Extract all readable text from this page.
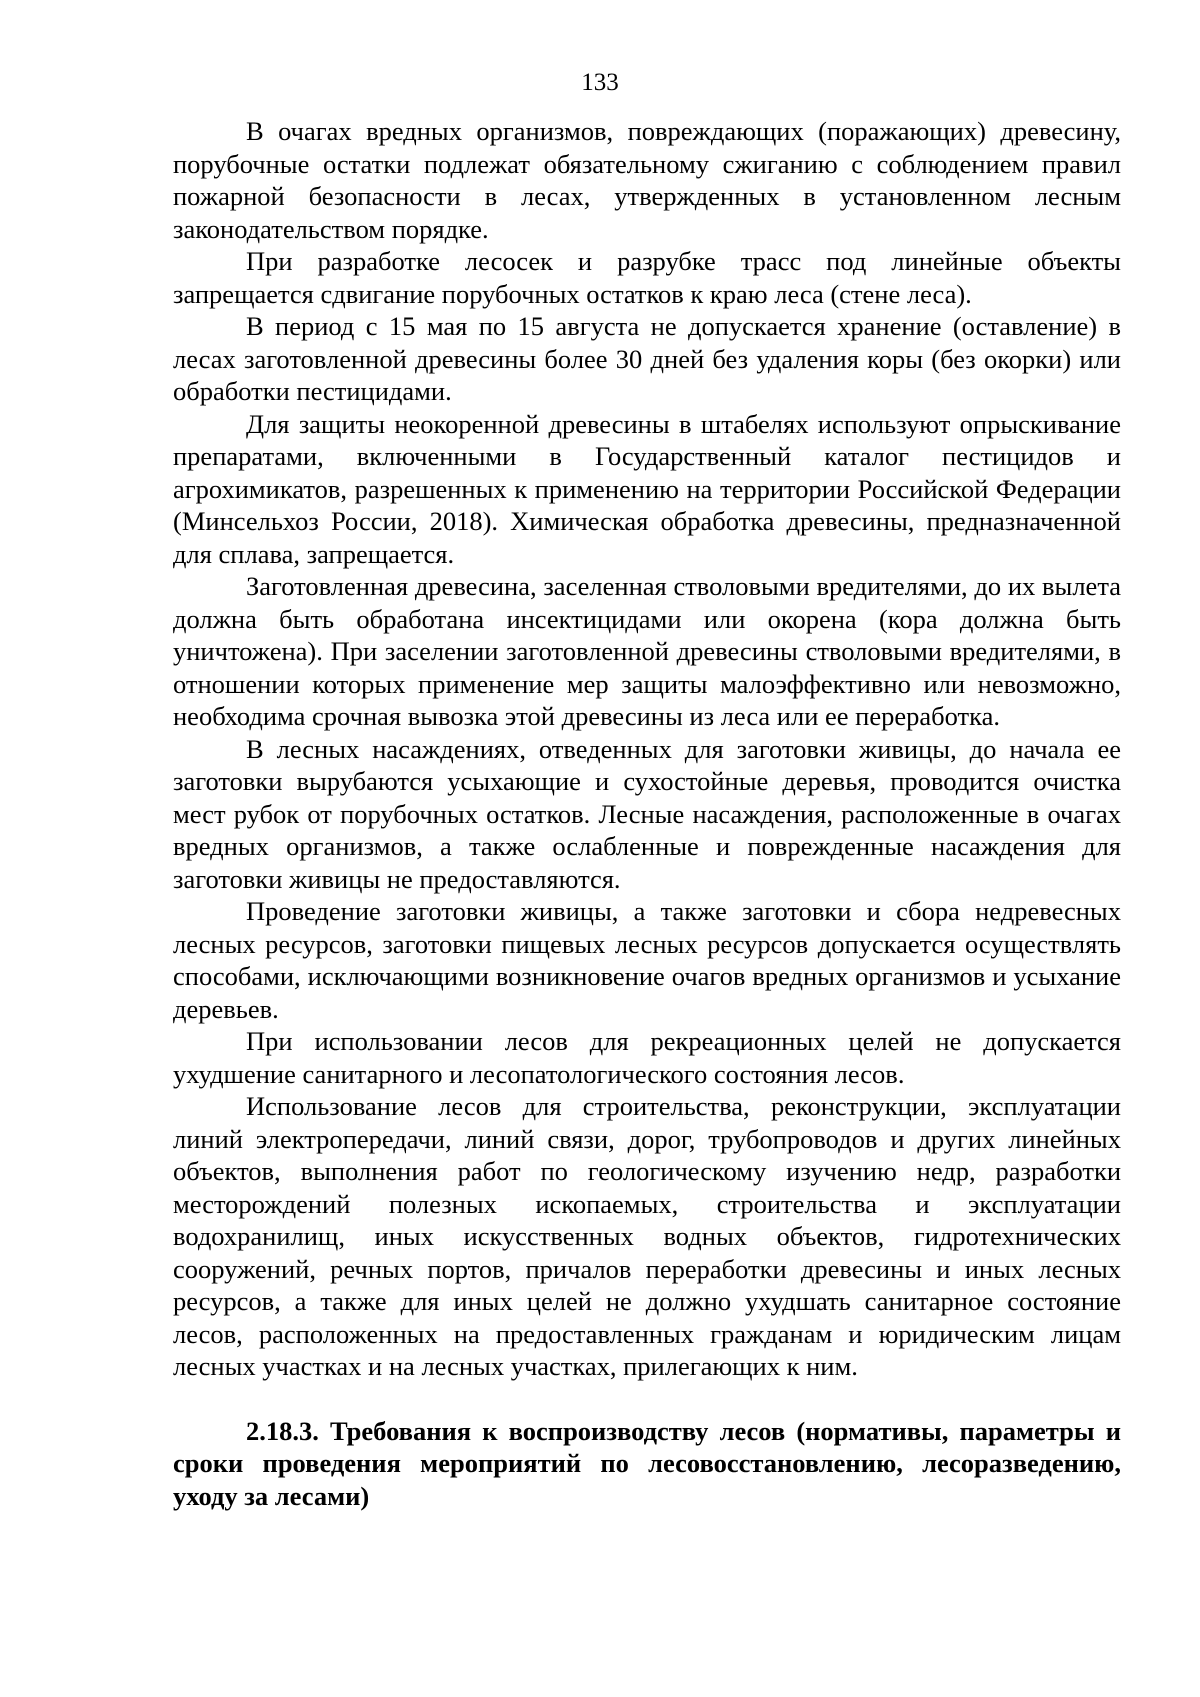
133

В очагах вредных организмов, повреждающих (поражающих) древесину, порубочные остатки подлежат обязательному сжиганию с соблюдением правил пожарной безопасности в лесах, утвержденных в установленном лесным законодательством порядке.

При разработке лесосек и разрубке трасс под линейные объекты запрещается сдвигание порубочных остатков к краю леса (стене леса).

В период с 15 мая по 15 августа не допускается хранение (оставление) в лесах заготовленной древесины более 30 дней без удаления коры (без окорки) или обработки пестицидами.

Для защиты неокоренной древесины в штабелях используют опрыскивание препаратами, включенными в Государственный каталог пестицидов и агрохимикатов, разрешенных к применению на территории Российской Федерации (Минсельхоз России, 2018). Химическая обработка древесины, предназначенной для сплава, запрещается.

Заготовленная древесина, заселенная стволовыми вредителями, до их вылета должна быть обработана инсектицидами или окорена (кора должна быть уничтожена). При заселении заготовленной древесины стволовыми вредителями, в отношении которых применение мер защиты малоэффективно или невозможно, необходима срочная вывозка этой древесины из леса или ее переработка.

В лесных насаждениях, отведенных для заготовки живицы, до начала ее заготовки вырубаются усыхающие и сухостойные деревья, проводится очистка мест рубок от порубочных остатков. Лесные насаждения, расположенные в очагах вредных организмов, а также ослабленные и поврежденные насаждения для заготовки живицы не предоставляются.

Проведение заготовки живицы, а также заготовки и сбора недревесных лесных ресурсов, заготовки пищевых лесных ресурсов допускается осуществлять способами, исключающими возникновение очагов вредных организмов и усыхание деревьев.

При использовании лесов для рекреационных целей не допускается ухудшение санитарного и лесопатологического состояния лесов.

Использование лесов для строительства, реконструкции, эксплуатации линий электропередачи, линий связи, дорог, трубопроводов и других линейных объектов, выполнения работ по геологическому изучению недр, разработки месторождений полезных ископаемых, строительства и эксплуатации водохранилищ, иных искусственных водных объектов, гидротехнических сооружений, речных портов, причалов переработки древесины и иных лесных ресурсов, а также для иных целей не должно ухудшать санитарное состояние лесов, расположенных на предоставленных гражданам и юридическим лицам лесных участках и на лесных участках, прилегающих к ним.

2.18.3. Требования к воспроизводству лесов (нормативы, параметры и сроки проведения мероприятий по лесовосстановлению, лесоразведению, уходу за лесами)
